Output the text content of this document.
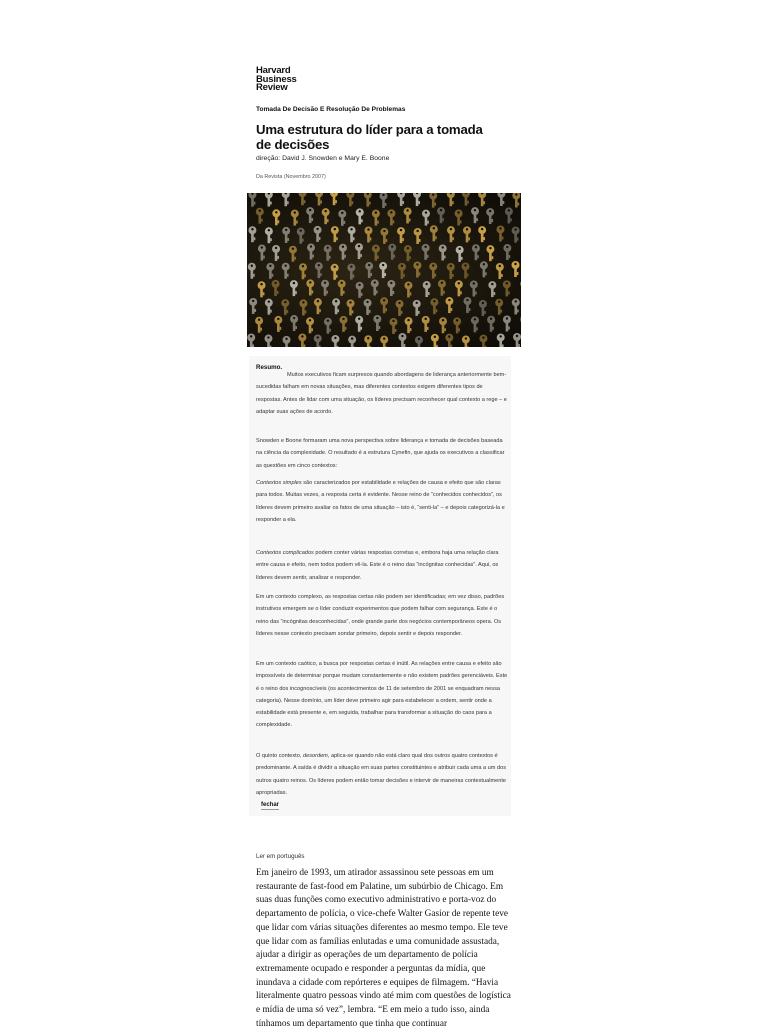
Harvard
Business
Review
Tomada De Decisão E Resolução De Problemas
Uma estrutura do líder para a tomada de decisões
direção: David J. Snowden e Mary E. Boone
Da Revista (Novembro 2007)
Resumo.

Muitos executivos ficam surpresos quando abordagens de liderança anteriormente bem-sucedidas falham em novas situações, mas diferentes contextos exigem diferentes tipos de respostas. Antes de lidar com uma situação, os líderes precisam reconhecer qual contexto a rege – e adaptar suas ações de acordo.

Snowden e Boone formaram uma nova perspectiva sobre liderança e tomada de decisões baseada na ciência da complexidade. O resultado é a estrutura Cynefin, que ajuda os executivos a classificar as questões em cinco contextos:

Contextos simples são caracterizados por estabilidade e relações de causa e efeito que são claras para todos. Muitas vezes, a resposta certa é evidente. Nesse reino de “conhecidos conhecidos”, os líderes devem primeiro avaliar os fatos de uma situação – isto é, “senti-la” – e depois categorizá-la e responder a ela.

Contextos complicados podem conter várias respostas corretas e, embora haja uma relação clara entre causa e efeito, nem todos podem vê-la. Este é o reino das “incógnitas conhecidas”. Aqui, os líderes devem sentir, analisar e responder.

Em um contexto complexo, as respostas certas não podem ser identificadas; em vez disso, padrões instrutivos emergem se o líder conduzir experimentos que podem falhar com segurança. Este é o reino das “incógnitas desconhecidas”, onde grande parte dos negócios contemporâneos opera. Os líderes nesse contexto precisam sondar primeiro, depois sentir e depois responder.

Em um contexto caótico, a busca por respostas certas é inútil. As relações entre causa e efeito são impossíveis de determinar porque mudam constantemente e não existem padrões gerenciáveis. Este é o reino dos incognoscíveis (os acontecimentos de 11 de setembro de 2001 se enquadram nessa categoria). Nesse domínio, um líder deve primeiro agir para estabelecer a ordem, sentir onde a estabilidade está presente e, em seguida, trabalhar para transformar a situação do caos para a complexidade.

O quinto contexto, desordem, aplica-se quando não está claro qual dos outros quatro contextos é predominante. A saída é dividir a situação em suas partes constituintes e atribuir cada uma a um dos outros quatro reinos. Os líderes podem então tomar decisões e intervir de maneiras contextualmente apropriadas.

fechar
Ler em português

Em janeiro de 1993, um atirador assassinou sete pessoas em um restaurante de fast-food em Palatine, um subúrbio de Chicago. Em suas duas funções como executivo administrativo e porta-voz do departamento de polícia, o vice-chefe Walter Gasior de repente teve que lidar com várias situações diferentes ao mesmo tempo. Ele teve que lidar com as famílias enlutadas e uma comunidade assustada, ajudar a dirigir as operações de um departamento de polícia extremamente ocupado e responder a perguntas da mídia, que inundava a cidade com repórteres e equipes de filmagem. “Havia literalmente quatro pessoas vindo até mim com questões de logística e mídia de uma só vez”, lembra. “E em meio a tudo isso, ainda tínhamos um departamento que tinha que continuar
